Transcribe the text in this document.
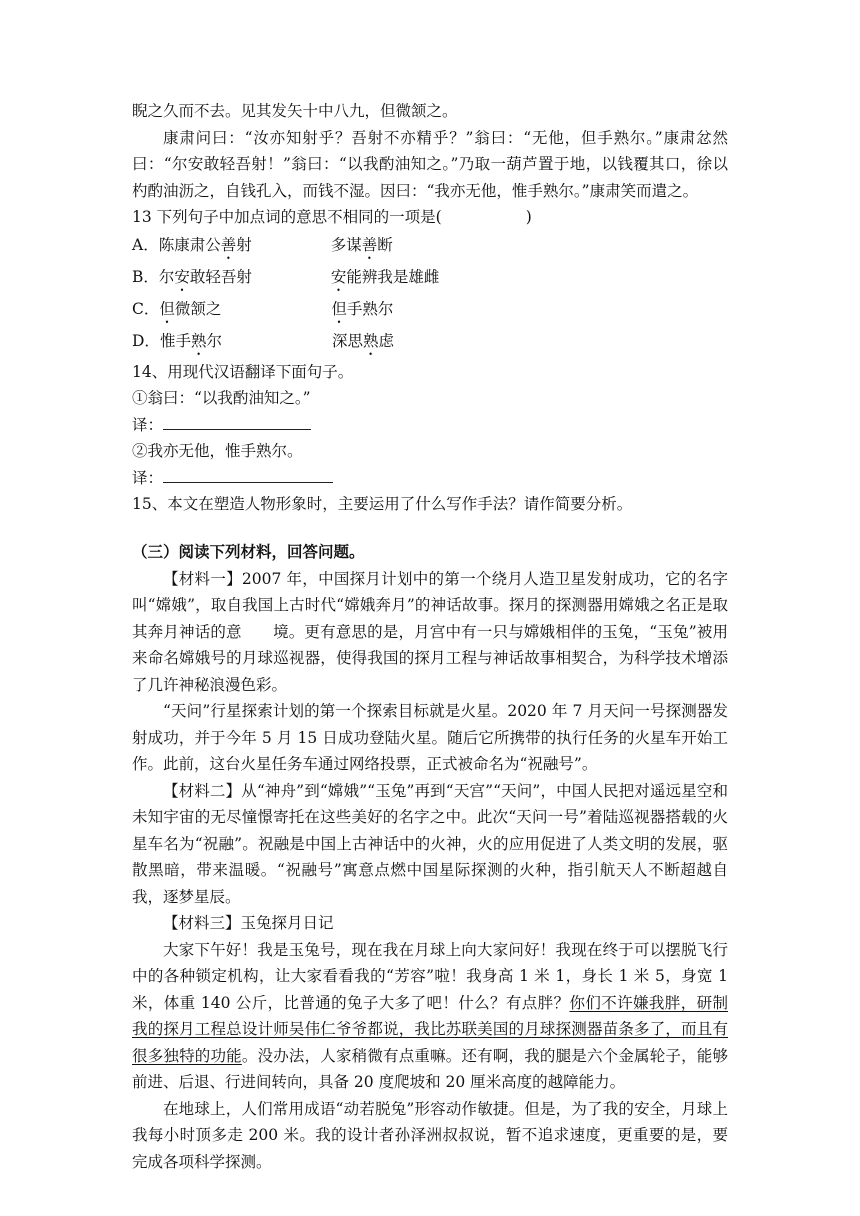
睨之久而不去。见其发矢十中八九，但微颔之。

康肃问曰：“汝亦知射乎？吾射不亦精乎？”翁曰：“无他，但手熟尔。”康肃忿然曰：“尔安敢轻吾射！”翁曰：“以我酌油知之。”乃取一葫芦置于地，以钱覆其口，徐以杓酌油沥之，自钱孔入，而钱不湿。因曰：“我亦无他，惟手熟尔。”康肃笑而遣之。

13 下列句子中加点词的意思不相同的一项是(	)

A．陈康肃公善射	多谋善断

B．尔安敢轻吾射	安能辨我是雄雌

C．但微颔之	但手熟尔

D．惟手熟尔	深思熟虑

14、用现代汉语翻译下面句子。

①翁曰：“以我酌油知之。”

译：

②我亦无他，惟手熟尔。

译：

15、本文在塑造人物形象时，主要运用了什么写作手法？请作简要分析。

（三）阅读下列材料，回答问题。

【材料一】2007 年，中国探月计划中的第一个绕月人造卫星发射成功，它的名字叫“嫦娥”，取自我国上古时代“嫦娥奔月”的神话故事。探月的探测器用嫦娥之名正是取其奔月神话的意　　境。更有意思的是，月宫中有一只与嫦娥相伴的玉兔，“玉兔”被用来命名嫦娥号的月球巡视器，使得我国的探月工程与神话故事相契合，为科学技术增添了几许神秘浪漫色彩。

“天问”行星探索计划的第一个探索目标就是火星。2020 年 7 月天问一号探测器发射成功，并于今年 5 月 15 日成功登陆火星。随后它所携带的执行任务的火星车开始工作。此前，这台火星任务车通过网络投票，正式被命名为“祝融号”。

【材料二】从“神舟”到“嫦娥”“玉兔”再到“天宫”“天问”，中国人民把对遥远星空和未知宇宙的无尽憧憬寄托在这些美好的名字之中。此次“天问一号”着陆巡视器搭载的火星车名为“祝融”。祝融是中国上古神话中的火神，火的应用促进了人类文明的发展，驱散黑暗，带来温暖。“祝融号”寓意点燃中国星际探测的火种，指引航天人不断超越自我，逐梦星辰。

【材料三】玉兔探月日记

大家下午好！我是玉兔号，现在我在月球上向大家问好！我现在终于可以摆脱飞行中的各种锁定机构，让大家看看我的“芳容”啦！我身高 1 米 1，身长 1 米 5，身宽 1 米，体重 140 公斤，比普通的兔子大多了吧！什么？有点胖？你们不许嫌我胖，研制我的探月工程总设计师吴伟仁爷爷都说，我比苏联美国的月球探测器苗条多了，而且有很多独特的功能。没办法，人家稍微有点重嘛。还有啊，我的腿是六个金属轮子，能够前进、后退、行进间转向，具备 20 度爬坡和 20 厘米高度的越障能力。

在地球上，人们常用成语“动若脱兔”形容动作敏捷。但是，为了我的安全，月球上我每小时顶多走 200 米。我的设计者孙泽洲叔叔说，暂不追求速度，更重要的是，要完成各项科学探测。
